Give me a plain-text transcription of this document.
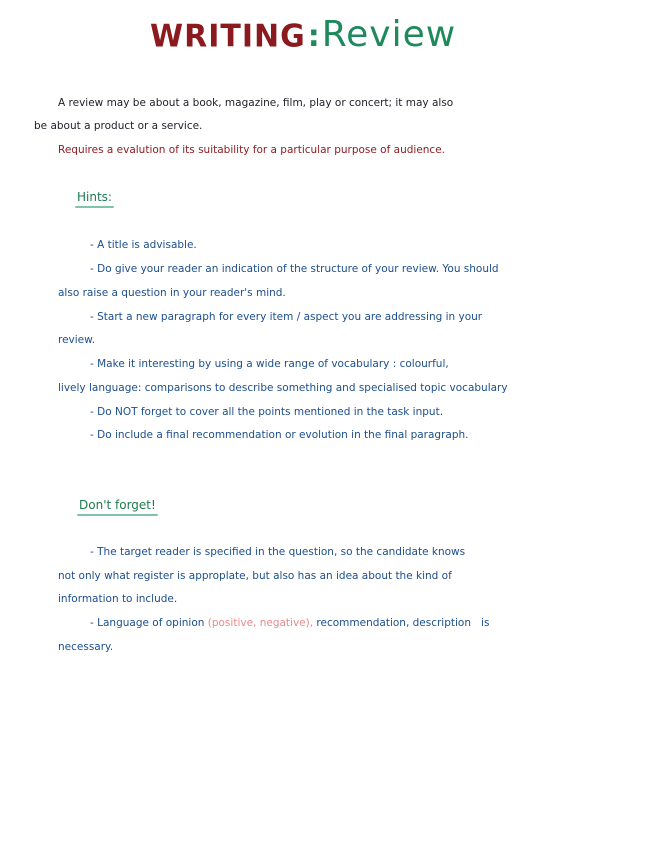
WRITING:Review
A review may be about a book, magazine, film, play or concert; it may also
be about a product or a service.
Requires a evalution of its suitability for a particular purpose of audience.
Hints:
- A title is advisable.
- Do give your reader an indication of the structure of your review. You should
also raise a question in your reader's mind.
- Start a new paragraph for every item / aspect you are addressing in your
review.
- Make it interesting by using a wide range of vocabulary : colourful,
lively language: comparisons to describe something and specialised topic vocabulary
- Do NOT forget to cover all the points mentioned in the task input.
- Do include a final recommendation or evolution in the final paragraph.
Don't forget!
- The target reader is specified in the question, so the candidate knows
not only what register is approplate, but also has an idea about the kind of
information to include.
- Language of opinion (positive, negative), recommendation, description is
necessary.
